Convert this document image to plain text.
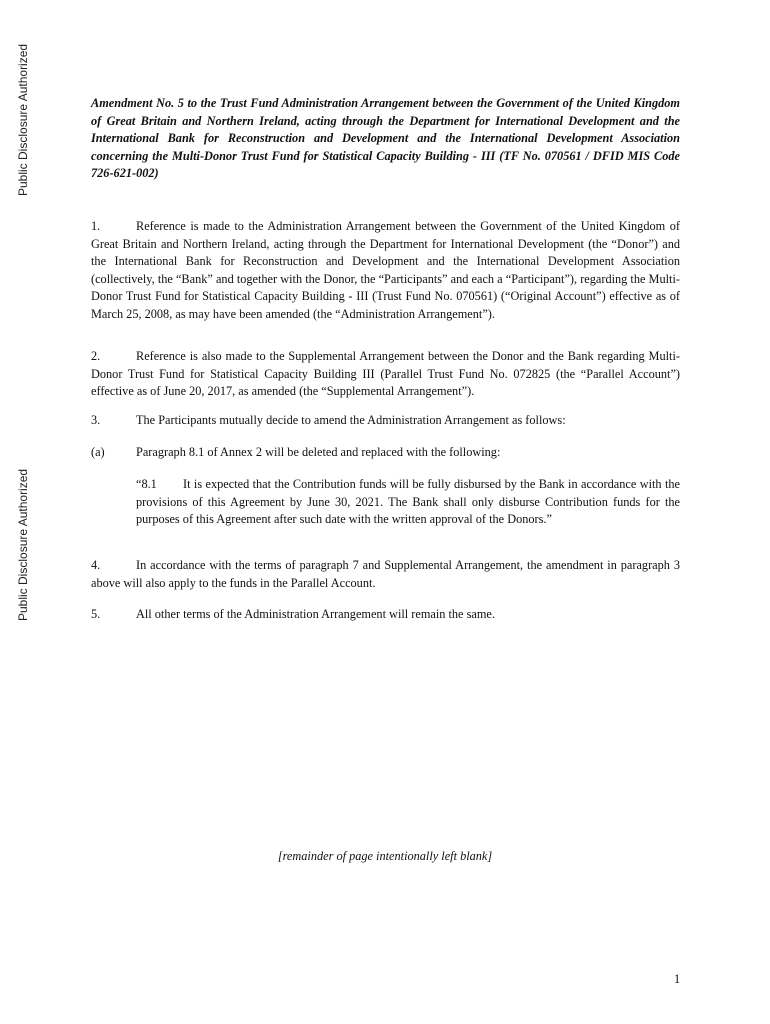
Public Disclosure Authorized
Public Disclosure Authorized

Amendment No. 5 to the Trust Fund Administration Arrangement between the Government of the United Kingdom of Great Britain and Northern Ireland, acting through the Department for International Development and the International Bank for Reconstruction and Development and the International Development Association concerning the Multi-Donor Trust Fund for Statistical Capacity Building - III (TF No. 070561 / DFID MIS Code 726-621-002)

1.	Reference is made to the Administration Arrangement between the Government of the United Kingdom of Great Britain and Northern Ireland, acting through the Department for International Development (the “Donor”) and the International Bank for Reconstruction and Development and the International Development Association (collectively, the “Bank” and together with the Donor, the “Participants” and each a “Participant”), regarding the Multi-Donor Trust Fund for Statistical Capacity Building - III (Trust Fund No. 070561) (“Original Account”) effective as of March 25, 2008, as may have been amended (the “Administration Arrangement”).

2.	Reference is also made to the Supplemental Arrangement between the Donor and the Bank regarding Multi-Donor Trust Fund for Statistical Capacity Building III (Parallel Trust Fund No. 072825 (the “Parallel Account”) effective as of June 20, 2017, as amended (the “Supplemental Arrangement”).

3.	The Participants mutually decide to amend the Administration Arrangement as follows:

(a)	Paragraph 8.1 of Annex 2 will be deleted and replaced with the following:

“8.1 It is expected that the Contribution funds will be fully disbursed by the Bank in accordance with the provisions of this Agreement by June 30, 2021. The Bank shall only disburse Contribution funds for the purposes of this Agreement after such date with the written approval of the Donors.”

4.	In accordance with the terms of paragraph 7 and Supplemental Arrangement, the amendment in paragraph 3 above will also apply to the funds in the Parallel Account.

5.	All other terms of the Administration Arrangement will remain the same.

[remainder of page intentionally left blank]

1
